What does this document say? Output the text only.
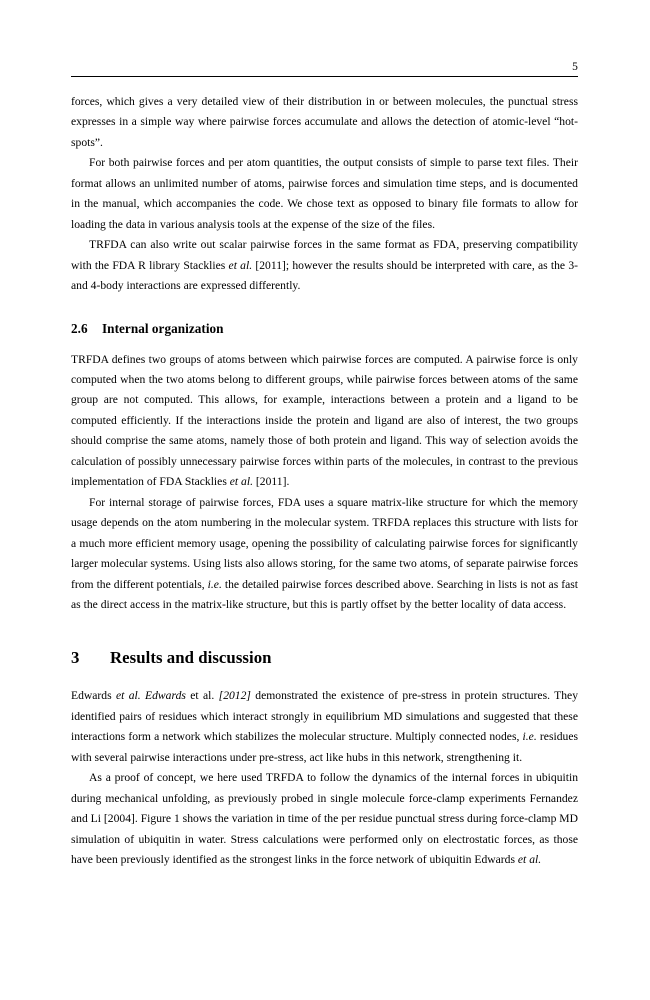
5

forces, which gives a very detailed view of their distribution in or between molecules, the punctual stress expresses in a simple way where pairwise forces accumulate and allows the detection of atomic-level “hot-spots”.

For both pairwise forces and per atom quantities, the output consists of simple to parse text files. Their format allows an unlimited number of atoms, pairwise forces and simulation time steps, and is documented in the manual, which accompanies the code. We chose text as opposed to binary file formats to allow for loading the data in various analysis tools at the expense of the size of the files.

TRFDA can also write out scalar pairwise forces in the same format as FDA, preserving compatibility with the FDA R library Stacklies et al. [2011]; however the results should be interpreted with care, as the 3- and 4-body interactions are expressed differently.

2.6 Internal organization

TRFDA defines two groups of atoms between which pairwise forces are computed. A pairwise force is only computed when the two atoms belong to different groups, while pairwise forces between atoms of the same group are not computed. This allows, for example, interactions between a protein and a ligand to be computed efficiently. If the interactions inside the protein and ligand are also of interest, the two groups should comprise the same atoms, namely those of both protein and ligand. This way of selection avoids the calculation of possibly unnecessary pairwise forces within parts of the molecules, in contrast to the previous implementation of FDA Stacklies et al. [2011].

For internal storage of pairwise forces, FDA uses a square matrix-like structure for which the memory usage depends on the atom numbering in the molecular system. TRFDA replaces this structure with lists for a much more efficient memory usage, opening the possibility of calculating pairwise forces for significantly larger molecular systems. Using lists also allows storing, for the same two atoms, of separate pairwise forces from the different potentials, i.e. the detailed pairwise forces described above. Searching in lists is not as fast as the direct access in the matrix-like structure, but this is partly offset by the better locality of data access.

3 Results and discussion

Edwards et al. Edwards et al. [2012] demonstrated the existence of pre-stress in protein structures. They identified pairs of residues which interact strongly in equilibrium MD simulations and suggested that these interactions form a network which stabilizes the molecular structure. Multiply connected nodes, i.e. residues with several pairwise interactions under pre-stress, act like hubs in this network, strengthening it.

As a proof of concept, we here used TRFDA to follow the dynamics of the internal forces in ubiquitin during mechanical unfolding, as previously probed in single molecule force-clamp experiments Fernandez and Li [2004]. Figure 1 shows the variation in time of the per residue punctual stress during force-clamp MD simulation of ubiquitin in water. Stress calculations were performed only on electrostatic forces, as those have been previously identified as the strongest links in the force network of ubiquitin Edwards et al.
